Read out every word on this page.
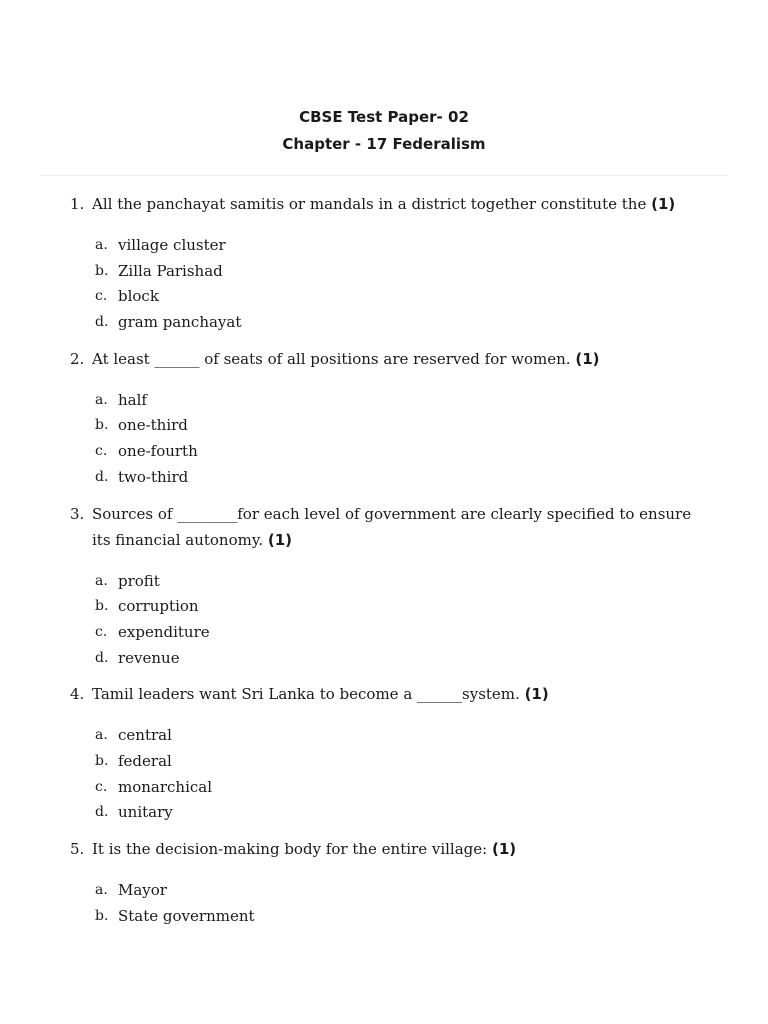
CBSE Test Paper- 02
Chapter - 17 Federalism
1. All the panchayat samitis or mandals in a district together constitute the (1)
a. village cluster
b. Zilla Parishad
c. block
d. gram panchayat
2. At least ______ of seats of all positions are reserved for women. (1)
a. half
b. one-third
c. one-fourth
d. two-third
3. Sources of ________for each level of government are clearly specified to ensure its financial autonomy. (1)
a. profit
b. corruption
c. expenditure
d. revenue
4. Tamil leaders want Sri Lanka to become a ______system. (1)
a. central
b. federal
c. monarchical
d. unitary
5. It is the decision-making body for the entire village: (1)
a. Mayor
b. State government
